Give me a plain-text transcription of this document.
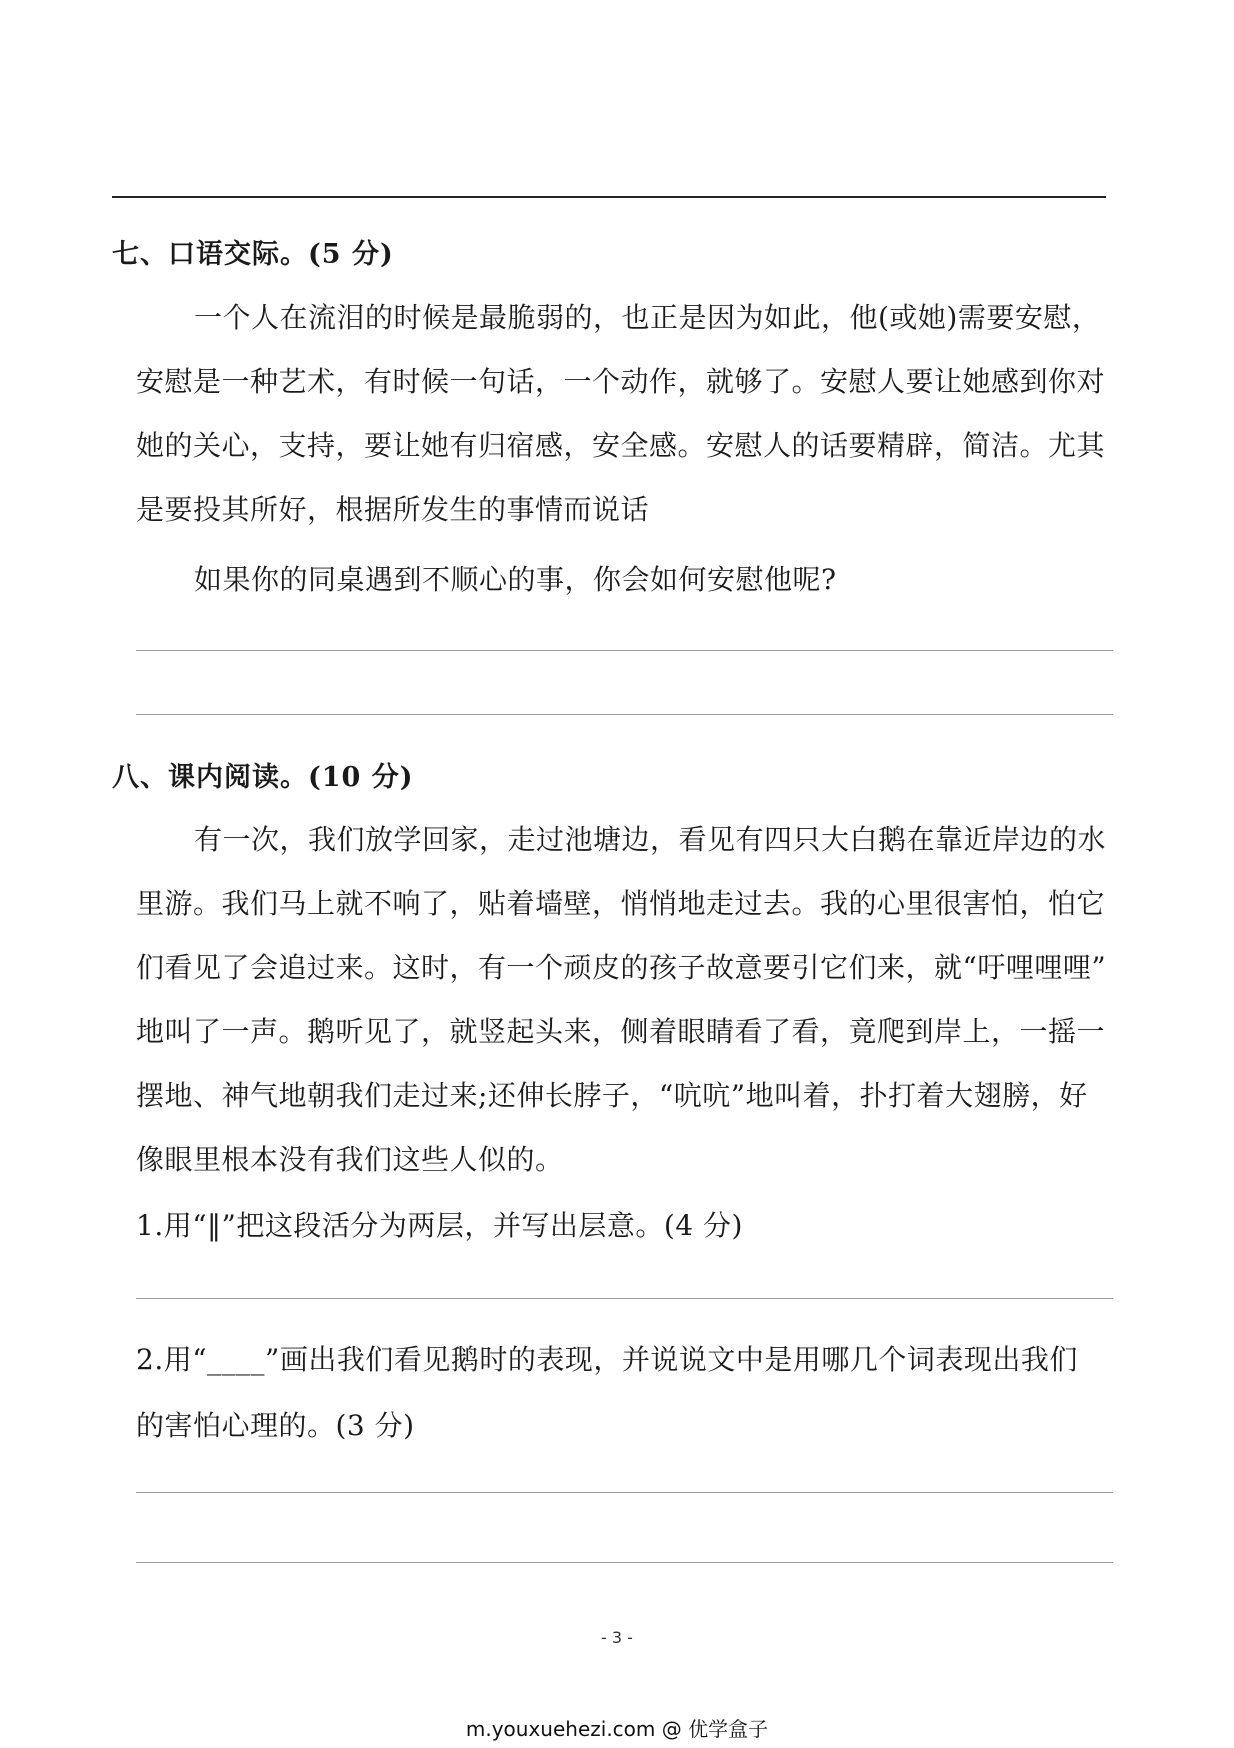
七、口语交际。(5 分)
一个人在流泪的时候是最脆弱的，也正是因为如此，他(或她)需要安慰，
安慰是一种艺术，有时候一句话，一个动作，就够了。安慰人要让她感到你对
她的关心，支持，要让她有归宿感，安全感。安慰人的话要精辟，简洁。尤其
是要投其所好，根据所发生的事情而说话
如果你的同桌遇到不顺心的事，你会如何安慰他呢?
八、课内阅读。(10 分)
有一次，我们放学回家，走过池塘边，看见有四只大白鹅在靠近岸边的水
里游。我们马上就不响了，贴着墙壁，悄悄地走过去。我的心里很害怕，怕它
们看见了会追过来。这时，有一个顽皮的孩子故意要引它们来，就“吁哩哩哩”
地叫了一声。鹅听见了，就竖起头来，侧着眼睛看了看，竟爬到岸上，一摇一
摆地、神气地朝我们走过来;还伸长脖子，“吭吭”地叫着，扑打着大翅膀，好
像眼里根本没有我们这些人似的。
1.用“‖”把这段活分为两层，并写出层意。(4 分)
2.用“____”画出我们看见鹅时的表现，并说说文中是用哪几个词表现出我们
的害怕心理的。(3 分)
- 3 -
m.youxuehezi.com @ 优学盒子
